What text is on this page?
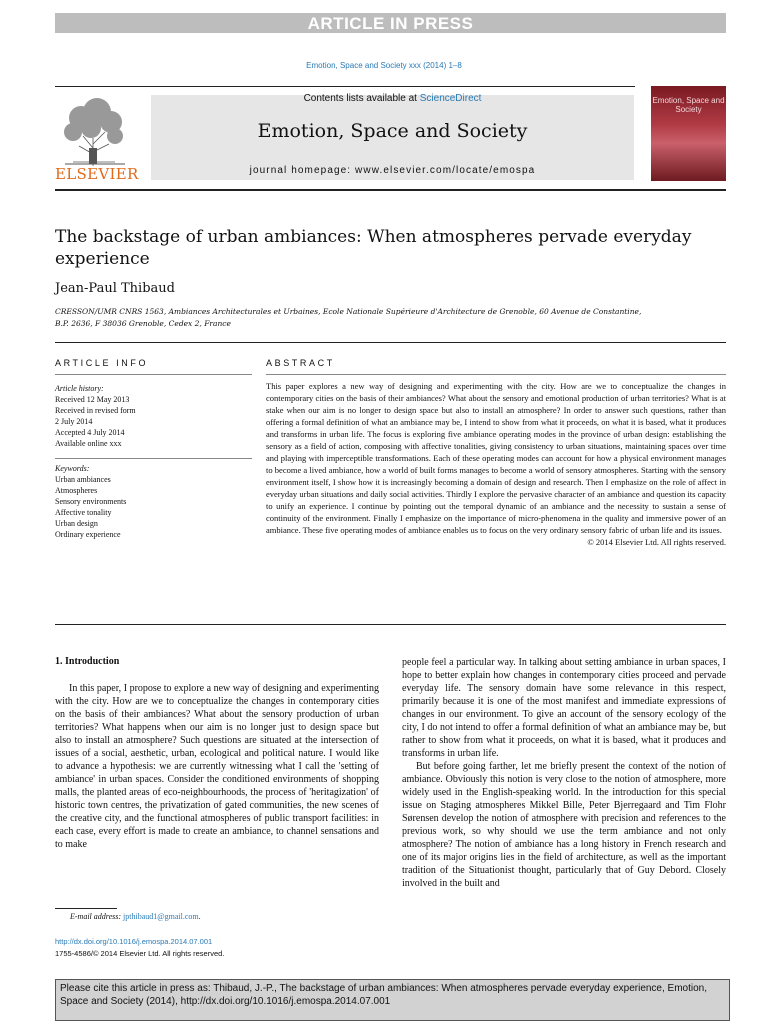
ARTICLE IN PRESS
Emotion, Space and Society xxx (2014) 1–8
ELSEVIER
Contents lists available at ScienceDirect
Emotion, Space and Society
journal homepage: www.elsevier.com/locate/emospa
Emotion, Space and Society
The backstage of urban ambiances: When atmospheres pervade everyday experience
Jean-Paul Thibaud
CRESSON/UMR CNRS 1563, Ambiances Architecturales et Urbaines, Ecole Nationale Supérieure d'Architecture de Grenoble, 60 Avenue de Constantine,
B.P. 2636, F 38036 Grenoble, Cedex 2, France
ARTICLE INFO
Article history:
Received 12 May 2013
Received in revised form
2 July 2014
Accepted 4 July 2014
Available online xxx
Keywords:
Urban ambiances
Atmospheres
Sensory environments
Affective tonality
Urban design
Ordinary experience
ABSTRACT
This paper explores a new way of designing and experimenting with the city. How are we to conceptualize the changes in contemporary cities on the basis of their ambiances? What about the sensory and emotional production of urban territories? What is at stake when our aim is no longer to design space but also to install an atmosphere? In order to answer such questions, rather than offering a formal definition of what an ambiance may be, I intend to show from what it proceeds, on what it is based, what it produces and transforms in urban life. The focus is exploring five ambiance operating modes in the province of urban design: establishing the sensory as a field of action, composing with affective tonalities, giving consistency to urban situations, maintaining spaces over time and playing with imperceptible transformations. Each of these operating modes can account for how a physical environment manages to become a lived ambiance, how a world of built forms manages to become a world of sensory atmospheres. Starting with the sensory environment itself, I show how it is increasingly becoming a domain of design and research. Then I emphasize on the role of affect in everyday urban situations and daily social activities. Thirdly I explore the pervasive character of an ambiance and question its capacity to unify an experience. I continue by pointing out the temporal dynamic of an ambiance and the necessity to sustain a sense of continuity of the environment. Finally I emphasize on the importance of micro-phenomena in the quality and immersive power of an ambiance. These five operating modes of ambiance enables us to focus on the very ordinary sensory fabric of urban life and its issues.
© 2014 Elsevier Ltd. All rights reserved.
1. Introduction

In this paper, I propose to explore a new way of designing and experimenting with the city. How are we to conceptualize the changes in contemporary cities on the basis of their ambiances? What about the sensory production of urban territories? What happens when our aim is no longer just to design space but also to install an atmosphere? Such questions are situated at the intersection of issues of a social, aesthetic, urban, ecological and political nature. I would like to advance a hypothesis: we are currently witnessing what I call the 'setting of ambiance' in urban spaces. Consider the conditioned environments of shopping malls, the planted areas of eco-neighbourhoods, the process of 'heritagization' of historic town centres, the privatization of gated communities, the new scenes of the creative city, and the functional atmospheres of public transport facilities: in each case, every effort is made to create an ambiance, to channel sensations and to make

people feel a particular way. In talking about setting ambiance in urban spaces, I hope to better explain how changes in contemporary cities proceed and pervade everyday life. The sensory domain have some relevance in this respect, primarily because it is one of the most manifest and immediate expressions of changes in our environment. To give an account of the sensory ecology of the city, I do not intend to offer a formal definition of what an ambiance may be, but rather to show from what it proceeds, on what it is based, what it produces and transforms in urban life.

But before going farther, let me briefly present the context of the notion of ambiance. Obviously this notion is very close to the notion of atmosphere, more widely used in the English-speaking world. In the introduction for this special issue on Staging atmospheres Mikkel Bille, Peter Bjerregaard and Tim Flohr Sørensen develop the notion of atmosphere with precision and references to the previous work, so why should we use the term ambiance and not only atmosphere? The notion of ambiance has a long history in French research and one of its major origins lies in the field of architecture, as well as the important tradition of the Situationist thought, particularly that of Guy Debord. Closely involved in the built and

E-mail address: jpthibaud1@gmail.com.
http://dx.doi.org/10.1016/j.emospa.2014.07.001
1755-4586/© 2014 Elsevier Ltd. All rights reserved.
Please cite this article in press as: Thibaud, J.-P., The backstage of urban ambiances: When atmospheres pervade everyday experience, Emotion, Space and Society (2014), http://dx.doi.org/10.1016/j.emospa.2014.07.001
